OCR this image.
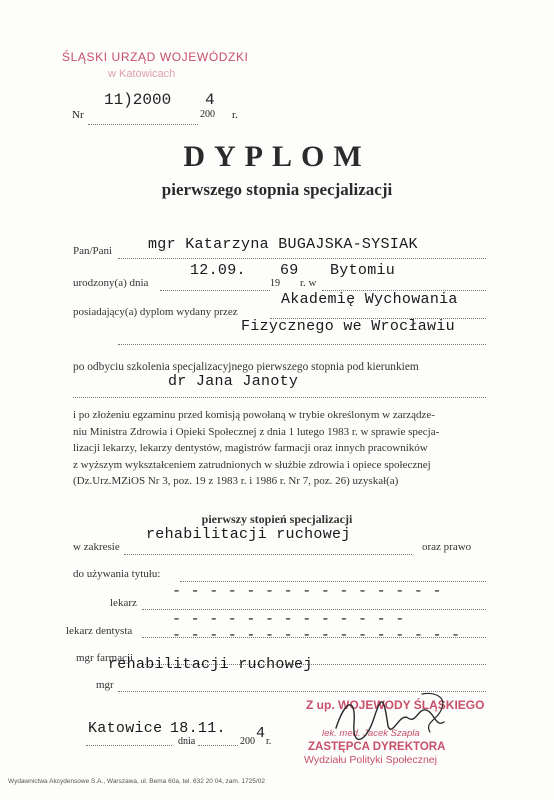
ŚLĄSKI URZĄD WOJEWÓDZKI
w Katowicach
Nr
11)2000
200
4
r.
DYPLOM
pierwszego stopnia specjalizacji
Pan/Pani mgr Katarzyna BUGAJSKA-SYSIAK
urodzony(a) dnia
12.09.
19
69
r. w
Bytomiu
posiadający(a) dyplom wydany przez
Akademię Wychowania
Fizycznego we Wrocławiu
po odbyciu szkolenia specjalizacyjnego pierwszego stopnia pod kierunkiem
dr Jana Janoty
i po złożeniu egzaminu przed komisją powołaną w trybie określonym w zarządze-
niu Ministra Zdrowia i Opieki Społecznej z dnia 1 lutego 1983 r. w sprawie specja-
lizacji lekarzy, lekarzy dentystów, magistrów farmacji oraz innych pracowników
z wyższym wykształceniem zatrudnionych w służbie zdrowia i opiece społecznej
(Dz.Urz.MZiOS Nr 3, poz. 19 z 1983 r. i 1986 r. Nr 7, poz. 26) uzyskał(a)
pierwszy stopień specjalizacji
w zakresie
rehabilitacji ruchowej
oraz prawo
do używania tytułu:
lekarz
- - - - - - - - - - - - - - -
lekarz dentysta
- - - - - - - - - - - - -
mgr farmacji
- - - - - - - - - - - - - - - -
mgr
rehabilitacji ruchowej
Katowice 18.11.
dnia	200 4 r.
Z up. WOJEWODY ŚLĄSKIEGO
lek. med. Jacek Szapla
ZASTĘPCA DYREKTORA
Wydziału Polityki Społecznej
Wydawnictwa Akcydensowe S.A., Warszawa, ul. Bema 60a, tel. 632 20 04, zam. 1725/02
